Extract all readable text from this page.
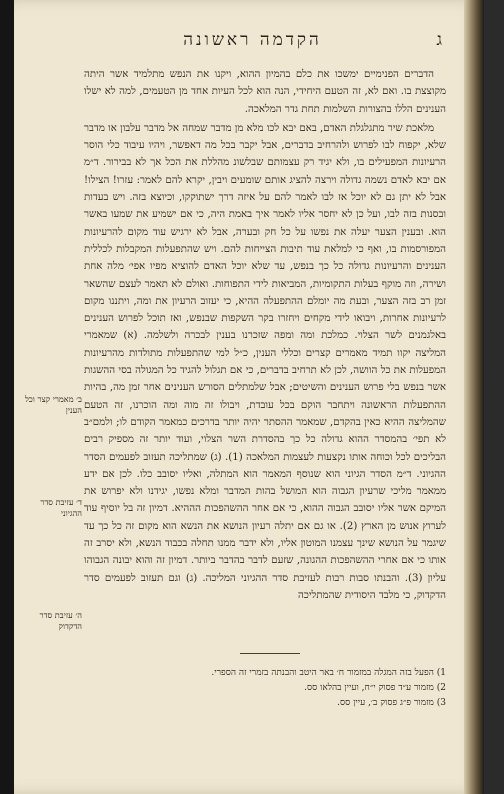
ג
הקדמה ראשונה

הדברים הפנימיים ימשכו את כלם בהמיון ההוא, ויקנו את הנפש מתלמיד אשר היתה מקוצצת בו. ואם לא, זה הטעם היחידי, הנה הוא לכל העיות אחד מן הטעמים, למה לא ישלו הענינים הללו בהצורות השלמות תחת גדר המלאכה.

מלאכת שיר מתגלגלת האדם, באם יבא לכו מלא מן מדבר שמחה אל מדבר עלבון או מדבר שלא, יקפוח לבו לפרוש ולהרחיב בדברים, אבל יקבר בכל מה דאפשר, ויהיו עיבוד כלי הוסר הרעיונות המפעילים בו, ולא יגיד רק עצמותם שבלשונ מהללת את הכל אך לא בבירור. ד״מ אם יבא לאדם נשמה גדולה וירצה להציג אותם שומעים ויבין, יקרא להם לאמר: עזרו! הצילו! אבל לא יתן גם לא יוכל אז לבו לאמר להם על איזה דרך ישתוקקו, וכיוצא בזה. ויש בעדות ובסנות בזה לבו, ועל כן לא יחסר אליו לאמר איך באמת היה, כי אם ישמיע את שמעו באשר הוא. ובענין הצער יעלה את נפשו על כל חק ובערה, אבל לא ירגיש עוד מקום להרעיונות המפורסמות בו, ואף כי למלאת עוד תיבות הצייחות להם. ויש שהתפעלות המקבלות לכללית הענינים והרעיונות גדולה כל כך בנפש, עד שלא יוכל האדם להוציא מפיו אפי׳ מלה אחת ושירה, וזה מוקף בעלות התקומיות, המביאות לידי התפוחות. ואולם לא תאמר לעצם שהשאר זמן רב בזה הצער, ובעת מה יומלם ההתפעלה ההיא, כי יעזוב הרעיון את ומה, ויתננו מקום לרעיונות אחרות, ויבואו לידי מקחים ויחזרו בקר השקפות שבנפש, ואז תוכל לפרוש הענינים באלגמנים לשר הצלוי. כמלכת ומה ומפה שזכרנו בענין לבכרה ולשלמה. (א) שמאמרי המליצה יקוו תמיד מאמרים קצרים וכללי הענין, כ״ל למי שהתפעלות מתולדות מהרעיונות המפעלות את כל הוושה, לכן לא תרחיב בדברים, כי אם תגלול להגיד כל המגולה בסי ההשגות אשר בנפש בלי פרוש הענינים והשיטים; אבל שלמתלים הסורש הענינים אחר זמן מה, בהיות ההתפעלות הראשונה ויתחבר הוקם בכל עובדת, ויבולו זה מוה ומה הוכרנו, זה הטעם שהמליצה ההיא כאין בהקדם, שמאמר ההסתר יהיה יותר בדרכים כמאמר הקודם לו; ולמם״ב לא תפי׳ בהמסדר ההוא גדולה כל כך בהסדרת השר הצלוי, ועוד יותר זה מספיק רבים הבליכים לכל וכוחה אותו נקצעות לעצמות המלאכה (1). (ג) שמתליכה תעזוב לפעמים הסדר ההגיוני. ד״מ הסדר הגיוני הוא שנוסף המאמר הוא המתלה, ואליו יסובב כלו. לכן אם ידע ממאמר מליכי שרעיון הגבוה הוא המושל בהות המדבר ומלא נפשו, יגידנו ולא יפרוש את המיקם אשר אליו יסובב הגבוה ההוא, כי אם אחר ההשהפכות הההיא. דמיון זה בל יוסיף עוד לערוץ אנוש מן הארץ (2). או גם אם יתלה רעיון הנושא את הנשא הוא מקום זה כל כך עד שיגמר על הנושא שינך עצמנו המוטון אליו, ולא ידבר ממנו תחלה בכבוד הנשא, ולא יסרב זה אותו כי אם אחרי ההשהפכות ההגונה, שזעם לדבר בהדבר ביותר. דמיון זה והוא יבונה הגבוהו עליון (3). והבנתו סבות רבות לעזיבת סדר ההגיוני המליכה. (ג) וגם תעזוב לפעמים סדר הדקדוק, כי מלבד היסודית שהמתליכה

ב׳ מאמרי קצר וכל הענין
ד׳ עזיבת סדר ההגיוני
ה׳ עזיבת סדר הדקדוק
1) הפעל בזה המגלה במזמור ח׳ באר היטב והבנתה בזמרי זה הספרי.
2) מזמור ע״ד פסוק י״ח, ועיין בהלאו סס.
3) מזמור פ״ג פסוק ב׳, עיין סס.
